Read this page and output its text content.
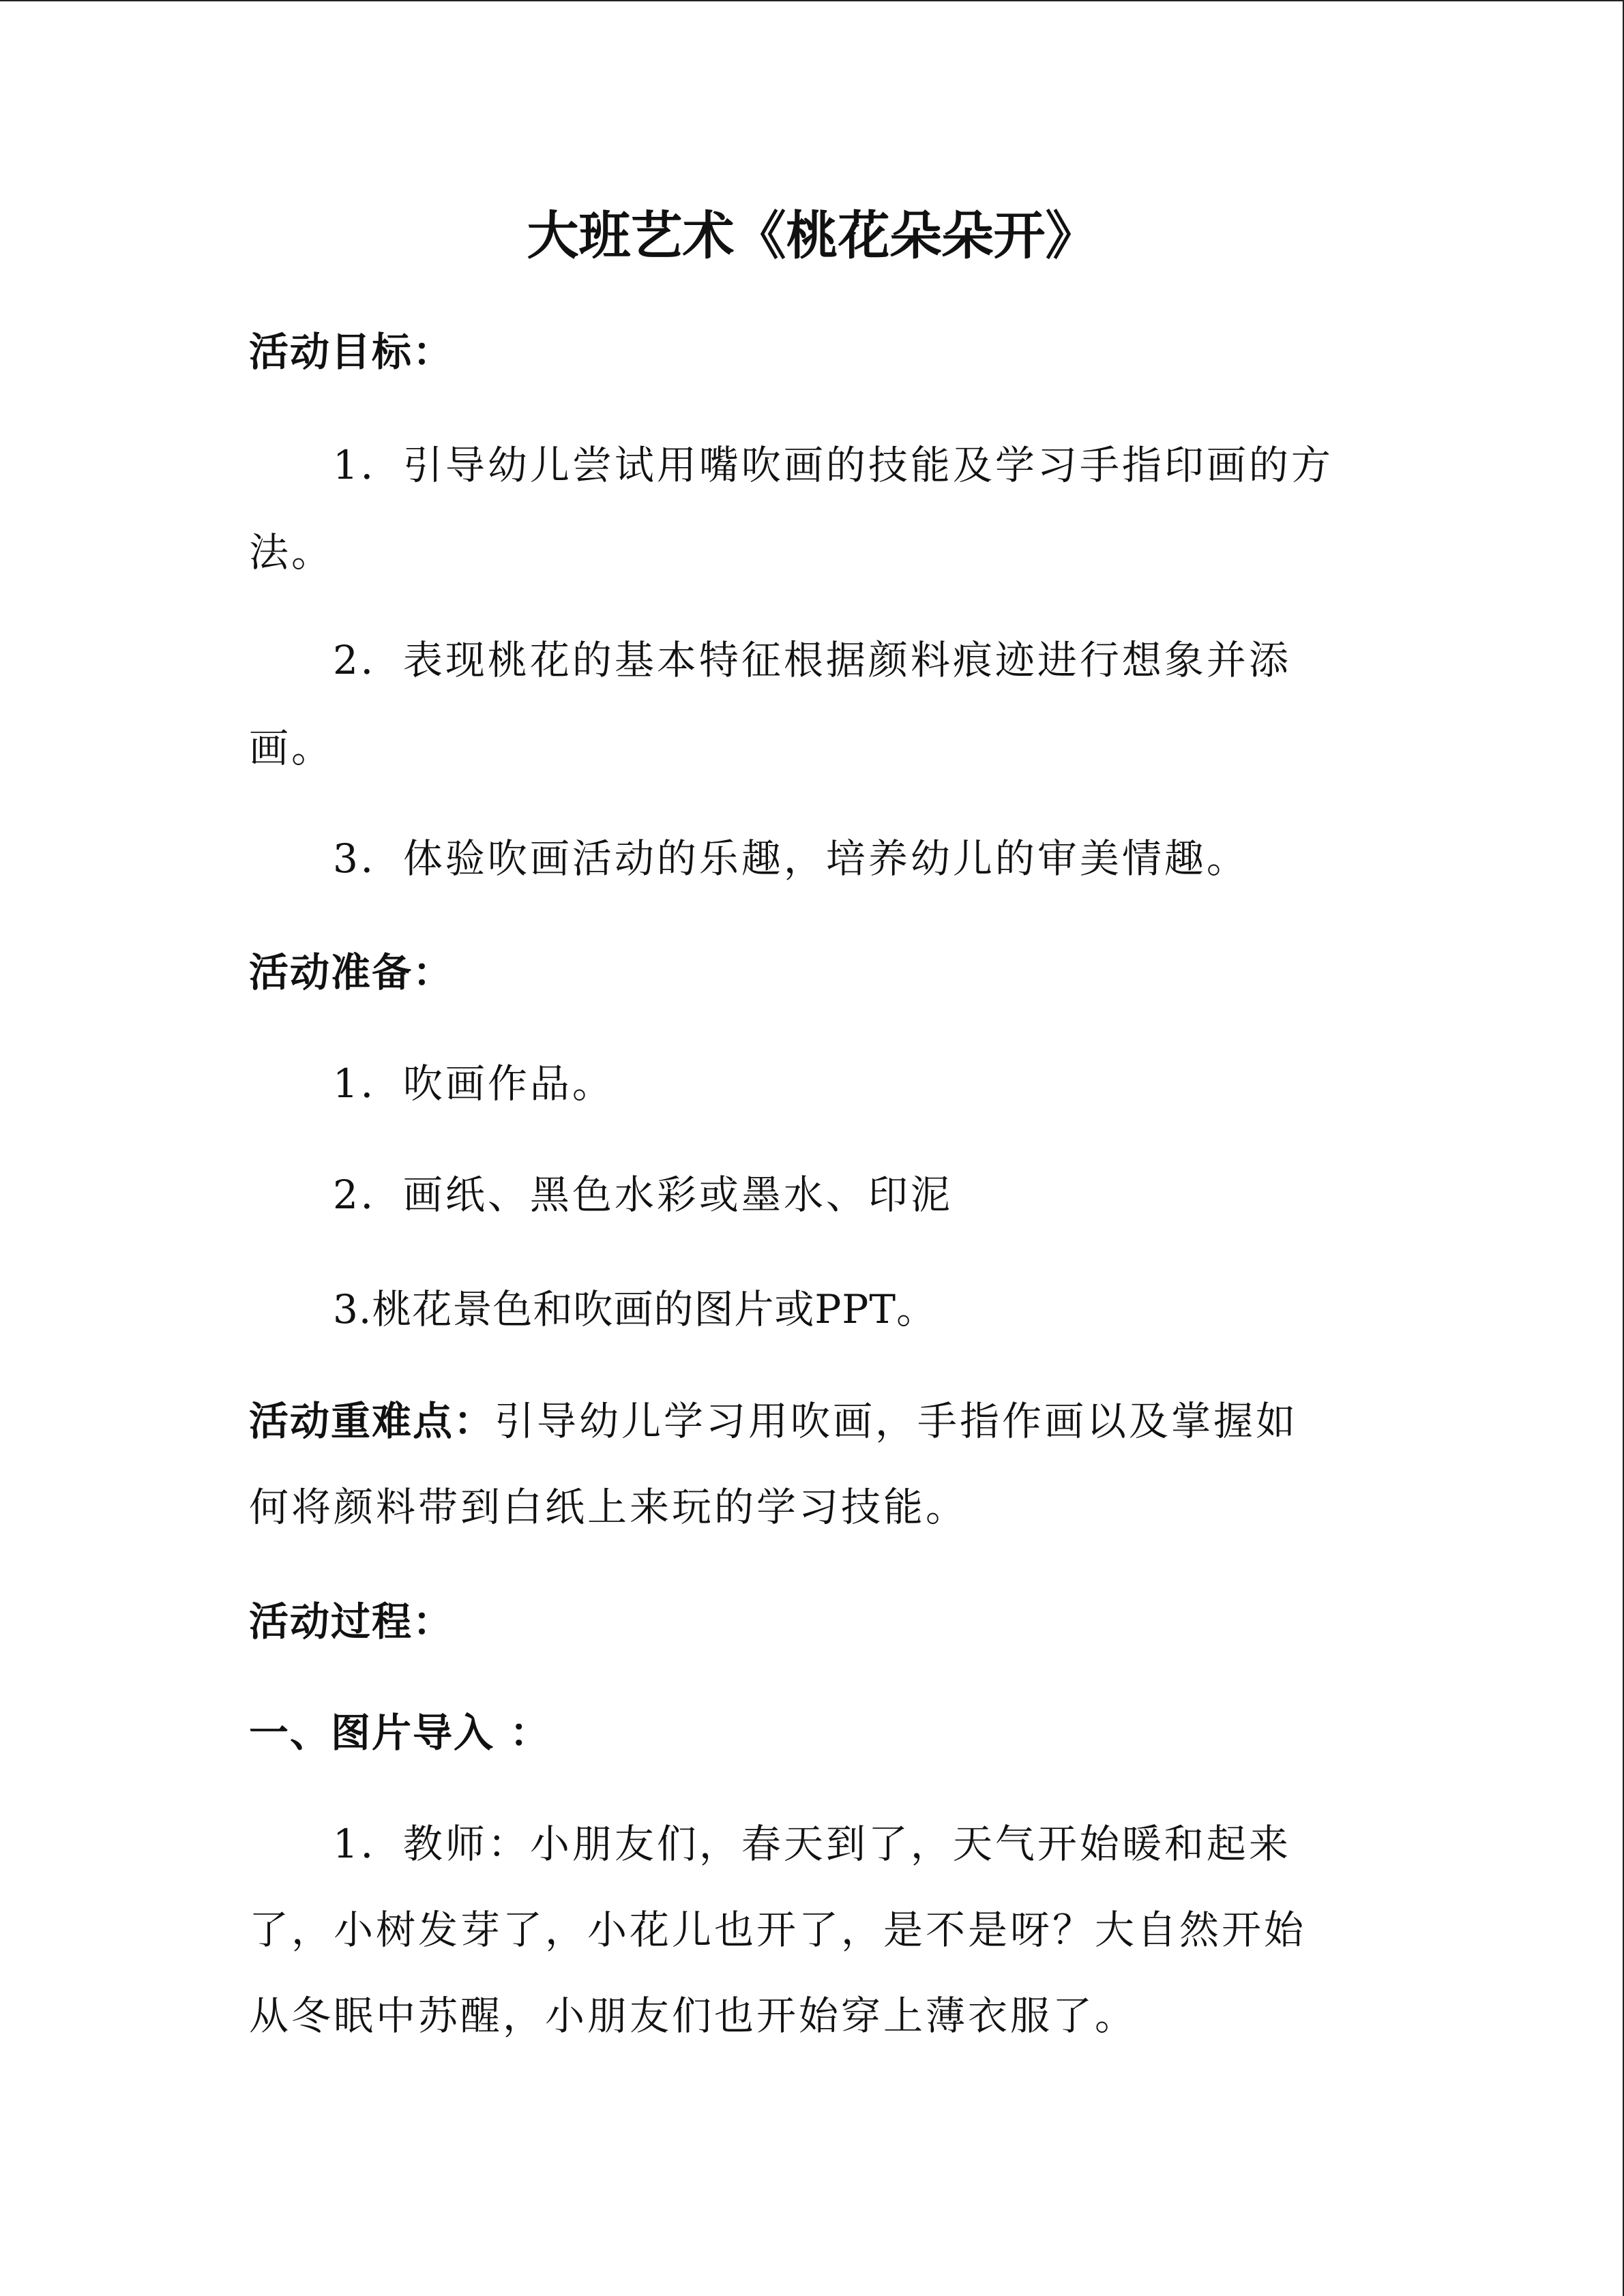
大班艺术《桃花朵朵开》
活动目标：
1．引导幼儿尝试用嘴吹画的技能及学习手指印画的方
法。
2．表现桃花的基本特征根据颜料痕迹进行想象并添
画。
3．体验吹画活动的乐趣，培养幼儿的审美情趣。
活动准备：
1．吹画作品。
2．画纸、黑色水彩或墨水、印泥
3.桃花景色和吹画的图片或PPT。
活动重难点：引导幼儿学习用吹画，手指作画以及掌握如
何将颜料带到白纸上来玩的学习技能。
活动过程：
一、图片导入 ：
1．教师：小朋友们，春天到了，天气开始暖和起来
了，小树发芽了，小花儿也开了，是不是呀？大自然开始
从冬眠中苏醒，小朋友们也开始穿上薄衣服了。
